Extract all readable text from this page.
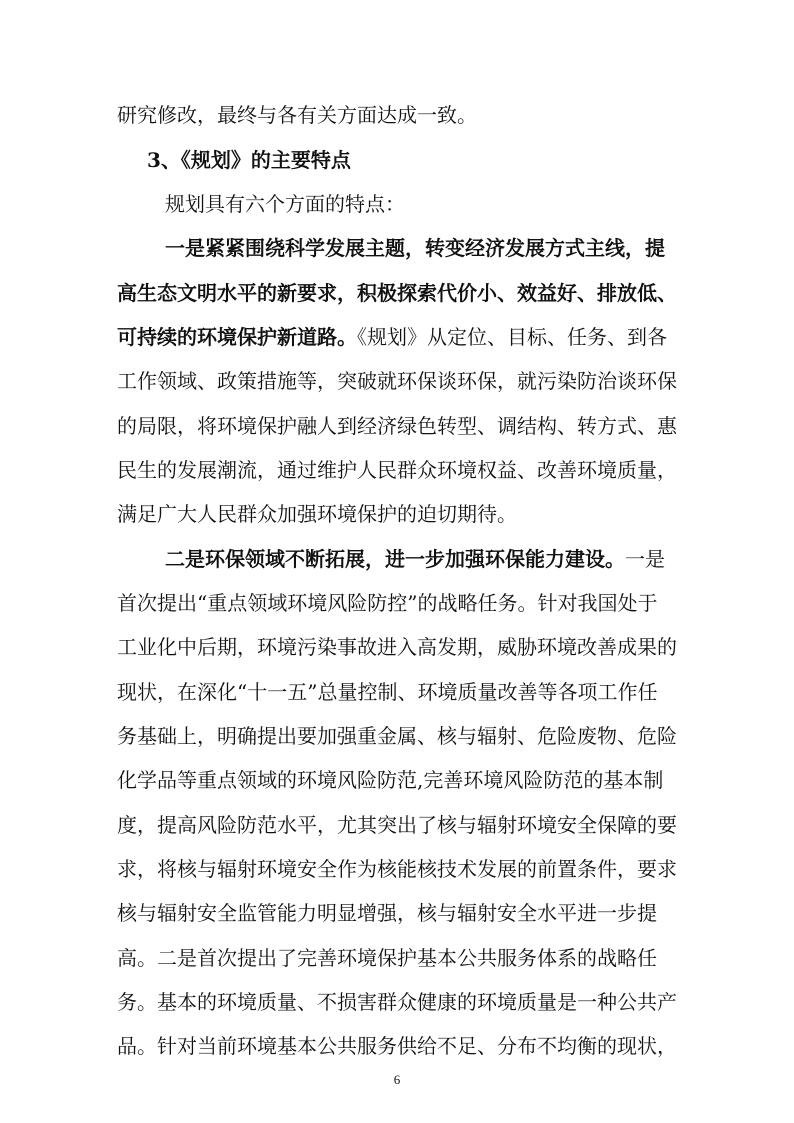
研究修改，最终与各有关方面达成一致。
3、《规划》的主要特点
规划具有六个方面的特点：
一是紧紧围绕科学发展主题，转变经济发展方式主线，提
高生态文明水平的新要求，积极探索代价小、效益好、排放低、
可持续的环境保护新道路。《规划》从定位、目标、任务、到各
工作领域、政策措施等，突破就环保谈环保，就污染防治谈环保
的局限，将环境保护融人到经济绿色转型、调结构、转方式、惠
民生的发展潮流，通过维护人民群众环境权益、改善环境质量，
满足广大人民群众加强环境保护的迫切期待。
二是环保领域不断拓展，进一步加强环保能力建设。一是
首次提出“重点领域环境风险防控”的战略任务。针对我国处于
工业化中后期，环境污染事故进入高发期，威胁环境改善成果的
现状，在深化“十一五”总量控制、环境质量改善等各项工作任
务基础上，明确提出要加强重金属、核与辐射、危险废物、危险
化学品等重点领域的环境风险防范,完善环境风险防范的基本制
度，提高风险防范水平，尤其突出了核与辐射环境安全保障的要
求，将核与辐射环境安全作为核能核技术发展的前置条件，要求
核与辐射安全监管能力明显增强，核与辐射安全水平进一步提
高。二是首次提出了完善环境保护基本公共服务体系的战略任
务。基本的环境质量、不损害群众健康的环境质量是一种公共产
品。针对当前环境基本公共服务供给不足、分布不均衡的现状，
6
